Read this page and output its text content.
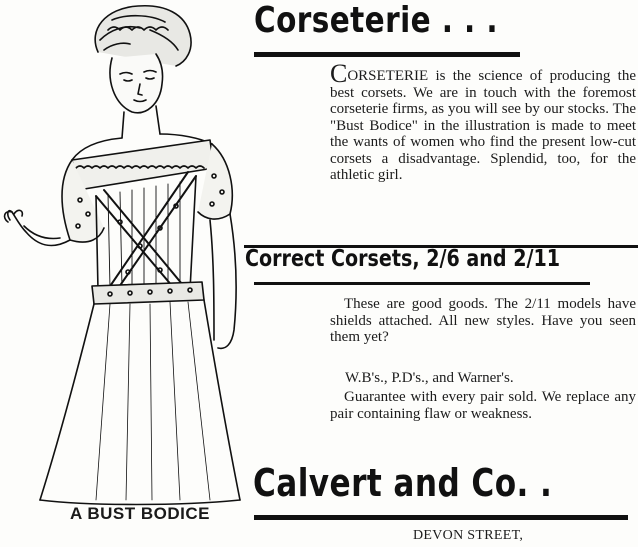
A BUST BODICE
Corseterie . . .

CORSETERIE is the science of producing the best corsets. We are in touch with the foremost corseterie firms, as you will see by our stocks. The "Bust Bodice" in the illustration is made to meet the wants of women who find the present low-cut corsets a disadvantage. Splendid, too, for the athletic girl.

Correct Corsets, 2/6 and 2/11

These are good goods. The 2/11 models have shields attached. All new styles. Have you seen them yet?

W.B's., P.D's., and Warner's.

Guarantee with every pair sold. We replace any pair containing flaw or weakness.

Calvert and Co. .
DEVON STREET,
